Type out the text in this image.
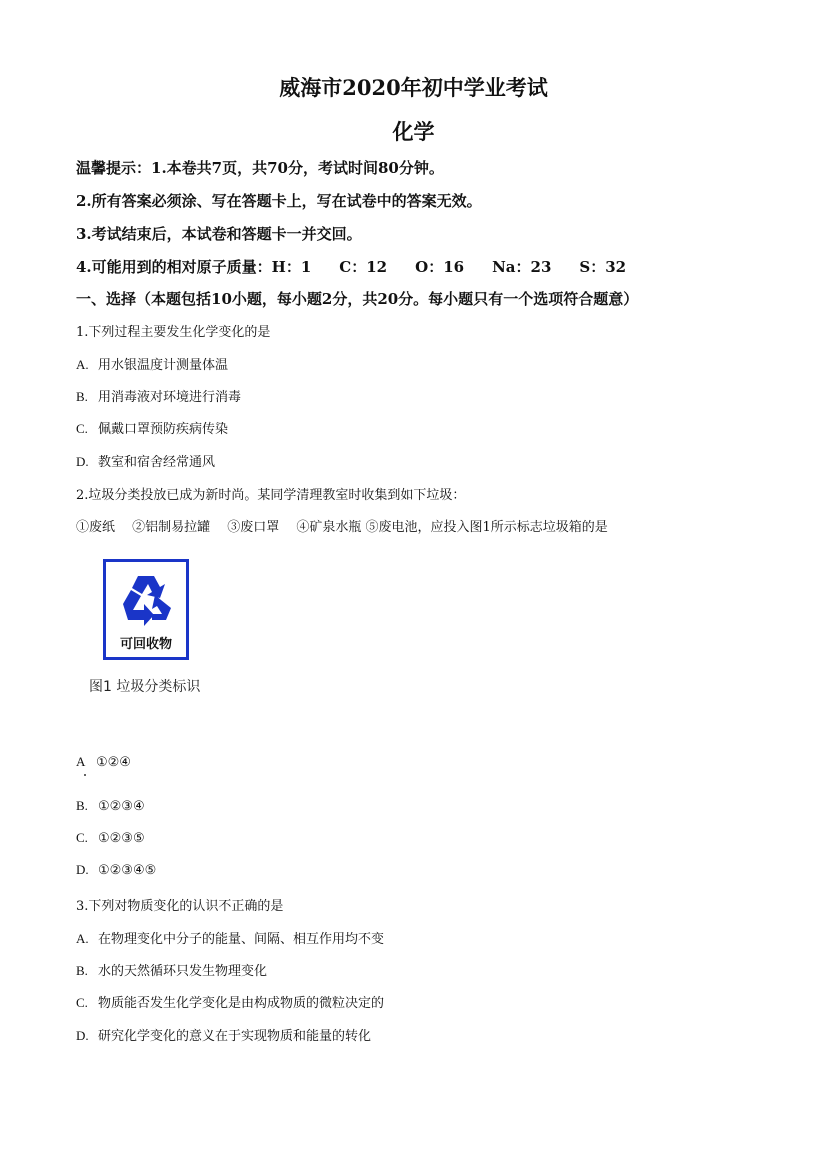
威海市2020年初中学业考试
化学
温馨提示：1.本卷共7页，共70分，考试时间80分钟。
2.所有答案必须涂、写在答题卡上，写在试卷中的答案无效。
3.考试结束后，本试卷和答题卡一并交回。
4.可能用到的相对原子质量：H：1 C：12 O：16 Na：23 S：32
一、选择（本题包括10小题，每小题2分，共20分。每小题只有一个选项符合题意）
1.下列过程主要发生化学变化的是
A. 用水银温度计测量体温
B. 用消毒液对环境进行消毒
C. 佩戴口罩预防疾病传染
D. 教室和宿舍经常通风
2.垃圾分类投放已成为新时尚。某同学清理教室时收集到如下垃圾：
①废纸　 ②铝制易拉罐　 ③废口罩　 ④矿泉水瓶 ⑤废电池，应投入图1所示标志垃圾箱的是
可回收物
图1 垃圾分类标识
A ①②④
B. ①②③④
C. ①②③⑤
D. ①②③④⑤
3.下列对物质变化的认识不正确的是
A. 在物理变化中分子的能量、间隔、相互作用均不变
B. 水的天然循环只发生物理变化
C. 物质能否发生化学变化是由构成物质的微粒决定的
D. 研究化学变化的意义在于实现物质和能量的转化
